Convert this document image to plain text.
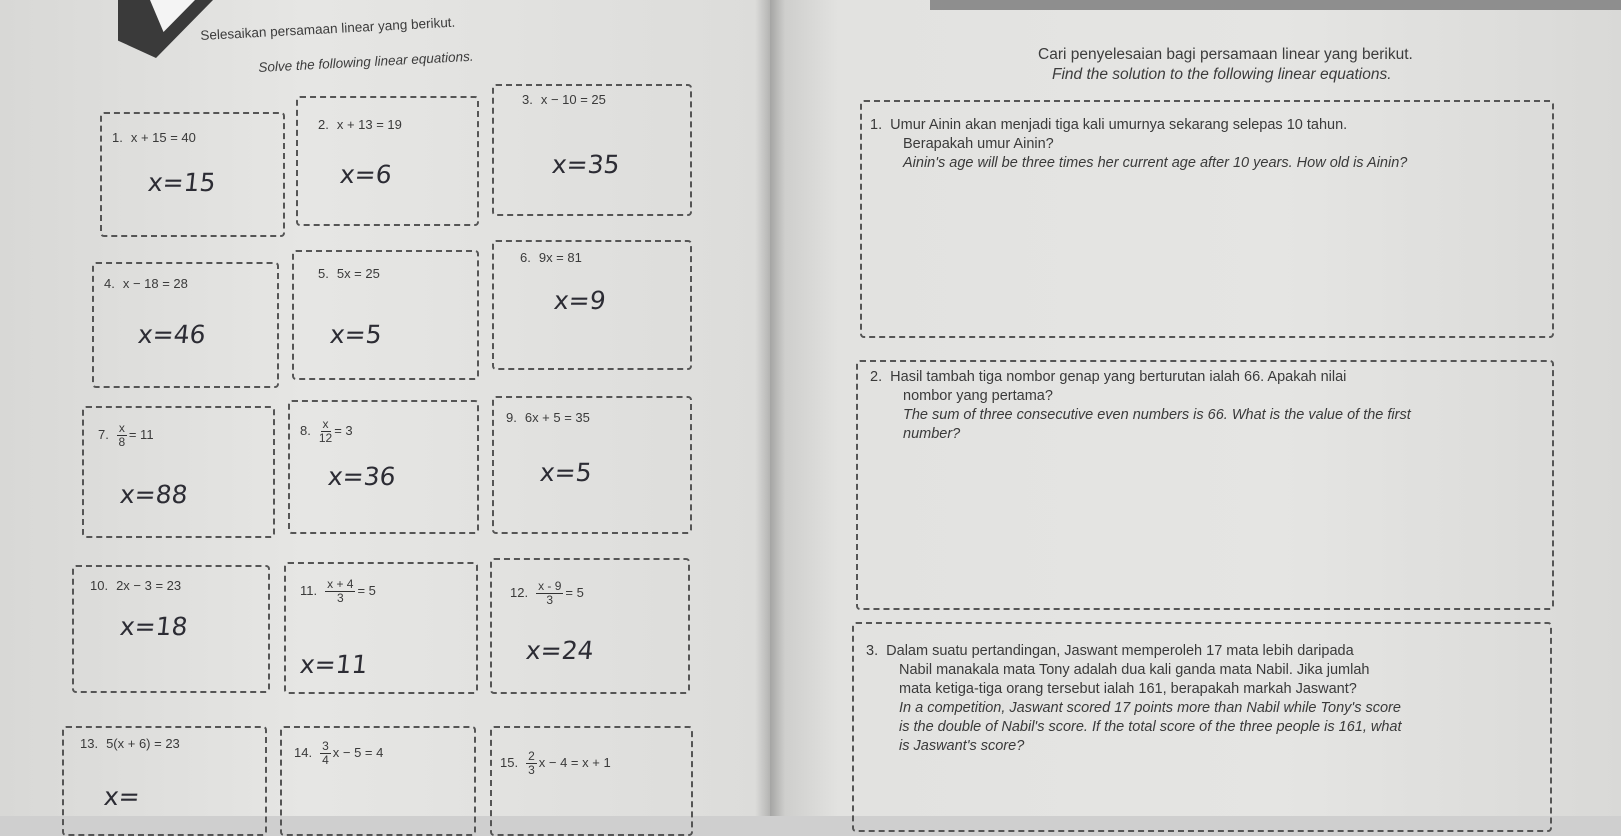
Selesaikan persamaan linear yang berikut.
Solve the following linear equations.
1. x + 15 = 40
2. x + 13 = 19
3. x − 10 = 25
4. x − 18 = 28
5. 5x = 25
6. 9x = 81
7. $\frac{x}{8} = 11$	8. $\frac{x}{12} = 3$
9. 6x + 5 = 35
10. 2x − 3 = 23	11. $\frac{x + 4}{3} = 5$	12. $\frac{x - 9}{3} = 5$
13. 5(x + 6) = 23
14. $\frac{3}{4}$ x − 5 = 4
15. $\frac{2}{3}$ x − 4 = x + 1
x=15	x=6	x=35
x=46	x=5
x=9
x=88
x=36	x=5
x=18
x=11	x=24
x=
Cari penyelesaian bagi persamaan linear yang berikut.
Find the solution to the following linear equations.
1. Umur Ainin akan menjadi tiga kali umurnya sekarang selepas 10 tahun.
Berapakah umur Ainin?
Ainin's age will be three times her current age after 10 years. How old is Ainin?
2. Hasil tambah tiga nombor genap yang berturutan ialah 66. Apakah nilai
nombor yang pertama?
The sum of three consecutive even numbers is 66. What is the value of the first
number?
3. Dalam suatu pertandingan, Jaswant memperoleh 17 mata lebih daripada
Nabil manakala mata Tony adalah dua kali ganda mata Nabil. Jika jumlah
mata ketiga-tiga orang tersebut ialah 161, berapakah markah Jaswant?
In a competition, Jaswant scored 17 points more than Nabil while Tony's score
is the double of Nabil's score. If the total score of the three people is 161, what
is Jaswant's score?
